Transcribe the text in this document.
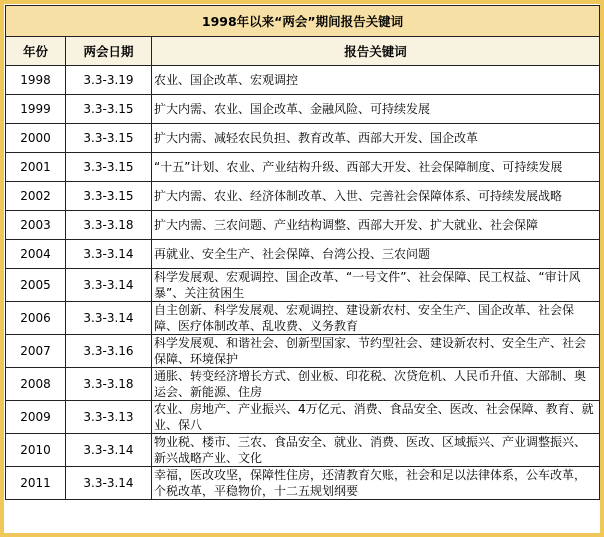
1998年以来“两会”期间报告关键词		
年份	两会日期	报告关键词
1998	3.3-3.19	农业、国企改革、宏观调控
1999	3.3-3.15	扩大内需、农业、国企改革、金融风险、可持续发展
2000	3.3-3.15	扩大内需、减轻农民负担、教育改革、西部大开发、国企改革
2001	3.3-3.15	“十五”计划、农业、产业结构升级、西部大开发、社会保障制度、可持续发展
2002	3.3-3.15	扩大内需、农业、经济体制改革、入世、完善社会保障体系、可持续发展战略
2003	3.3-3.18	扩大内需、三农问题、产业结构调整、西部大开发、扩大就业、社会保障
2004	3.3-3.14	再就业、安全生产、社会保障、台湾公投、三农问题
2005	3.3-3.14	科学发展观、宏观调控、国企改革、“一号文件”、社会保障、民工权益、“审计风暴”、关注贫困生
2006	3.3-3.14	自主创新、科学发展观、宏观调控、建设新农村、安全生产、国企改革、社会保障、医疗体制改革、乱收费、义务教育
2007	3.3-3.16	科学发展观、和谐社会、创新型国家、节约型社会、建设新农村、安全生产、社会保障、环境保护
2008	3.3-3.18	通胀、转变经济增长方式、创业板、印花税、次贷危机、人民币升值、大部制、奥运会、新能源、住房
2009	3.3-3.13	农业、房地产、产业振兴、4万亿元、消费、食品安全、医改、社会保障、教育、就业、保八
2010	3.3-3.14	物业税、楼市、三农、食品安全、就业、消费、医改、区域振兴、产业调整振兴、新兴战略产业、文化
2011	3.3-3.14	幸福，医改攻坚，保障性住房，还清教育欠账，社会和足以法律体系，公车改革，个税改革，平稳物价，十二五规划纲要
